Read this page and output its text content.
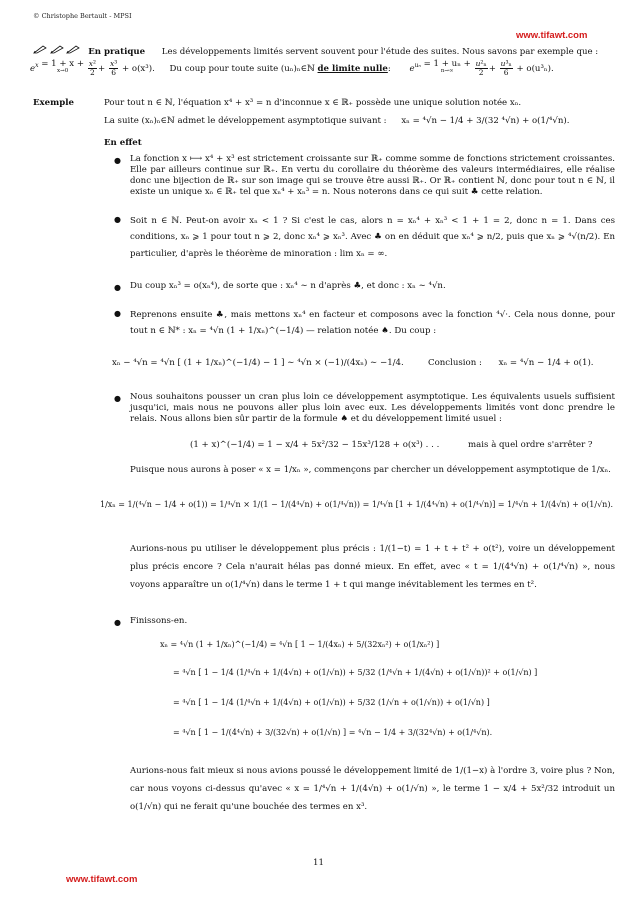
© Christophe Bertault - MPSI
www.tifawt.com
En pratique Les développements limités servent souvent pour l'étude des suites. Nous savons par exemple que :
$e^x = 1 + x$ +
x→0
	$\frac{\text{x²}}{2} + \frac{\text{x³}}{6} + o(x^3)$. Du coup pour toute suite (uₙ)ₙ∈ℕ de limite nulle: $e^{u_n} = 1 + u_n$ +
n→∞
	$\frac{\text{u²ₙ}}{2} + \frac{\text{u³ₙ}}{6} + o(u^3_n)$.
Exemple	Pour tout n ∈ ℕ, l'équation x⁴ + x³ = n d'inconnue x ∈ ℝ₊ possède une unique solution notée xₙ.
La suite (xₙ)ₙ∈ℕ admet le développement asymptotique suivant : xₙ = ⁴√n − 1/4 + 3/(32 ⁴√n) + o(1/⁴√n).
En effet
● La fonction x ⟼ x⁴ + x³ est strictement croissante sur ℝ₊ comme somme de fonctions strictement croissantes. Elle par ailleurs continue sur ℝ₊. En vertu du corollaire du théorème des valeurs intermédiaires, elle réalise donc une bijection de ℝ₊ sur son image qui se trouve être aussi ℝ₊. Or ℝ₊ contient ℕ, donc pour tout n ∈ ℕ, il existe un unique xₙ ∈ ℝ₊ tel que xₙ⁴ + xₙ³ = n. Nous noterons dans ce qui suit ♣ cette relation.
● Soit n ∈ ℕ. Peut-on avoir xₙ < 1 ? Si c'est le cas, alors n = xₙ⁴ + xₙ³ < 1 + 1 = 2, donc n = 1. Dans ces conditions, xₙ ⩾ 1 pour tout n ⩾ 2, donc xₙ⁴ ⩾ xₙ³. Avec ♣ on en déduit que xₙ⁴ ⩾ n/2, puis que xₙ ⩾ ⁴√(n/2). En particulier, d'après le théorème de minoration : lim xₙ = ∞.
● Du coup xₙ³ = o(xₙ⁴), de sorte que : xₙ⁴ ∼ n d'après ♣, et donc : xₙ ∼ ⁴√n.
● Reprenons ensuite ♣, mais mettons xₙ⁴ en facteur et composons avec la fonction ⁴√·. Cela nous donne, pour tout n ∈ ℕ* : xₙ = ⁴√n (1 + 1/xₙ)^(−1/4) — relation notée ♠. Du coup :
xₙ − ⁴√n = ⁴√n [ (1 + 1/xₙ)^(−1/4) − 1 ] ∼ ⁴√n × (−1)/(4xₙ) ∼ −1/4.	Conclusion : xₙ = ⁴√n − 1/4 + o(1).
● Nous souhaitons pousser un cran plus loin ce développement asymptotique. Les équivalents usuels suffisient jusqu'ici, mais nous ne pouvons aller plus loin avec eux. Les développements limités vont donc prendre le relais. Nous allons bien sûr partir de la formule ♠ et du développement limité usuel :
(1 + x)^(−1/4) = 1 − x/4 + 5x²/32 − 15x³/128 + o(x³) . . .	mais à quel ordre s'arrêter ?
Puisque nous aurons à poser « x = 1/xₙ », commençons par chercher un développement asymptotique de 1/xₙ.
1/xₙ = 1/(⁴√n − 1/4 + o(1)) = 1/⁴√n × 1/(1 − 1/(4⁴√n) + o(1/⁴√n)) = 1/⁴√n [1 + 1/(4⁴√n) + o(1/⁴√n)] = 1/⁴√n + 1/(4√n) + o(1/√n).
Aurions-nous pu utiliser le développement plus précis : 1/(1−t) = 1 + t + t² + o(t²), voire un développement plus précis encore ? Cela n'aurait hélas pas donné mieux. En effet, avec « t = 1/(4⁴√n) + o(1/⁴√n) », nous voyons apparaître un o(1/⁴√n) dans le terme 1 + t qui mange inévitablement les termes en t².
● Finissons-en.
xₙ = ⁴√n (1 + 1/xₙ)^(−1/4) = ⁴√n [ 1 − 1/(4xₙ) + 5/(32xₙ²) + o(1/xₙ²) ]
= ⁴√n [ 1 − 1/4 (1/⁴√n + 1/(4√n) + o(1/√n)) + 5/32 (1/⁴√n + 1/(4√n) + o(1/√n))² + o(1/√n) ]
= ⁴√n [ 1 − 1/4 (1/⁴√n + 1/(4√n) + o(1/√n)) + 5/32 (1/√n + o(1/√n)) + o(1/√n) ]
= ⁴√n [ 1 − 1/(4⁴√n) + 3/(32√n) + o(1/√n) ] = ⁴√n − 1/4 + 3/(32⁴√n) + o(1/⁴√n).
Aurions-nous fait mieux si nous avions poussé le développement limité de 1/(1−x) à l'ordre 3, voire plus ? Non, car nous voyons ci-dessus qu'avec « x = 1/⁴√n + 1/(4√n) + o(1/√n) », le terme 1 − x/4 + 5x²/32 introduit un o(1/√n) qui ne ferait qu'une bouchée des termes en x³.
11
www.tifawt.com
